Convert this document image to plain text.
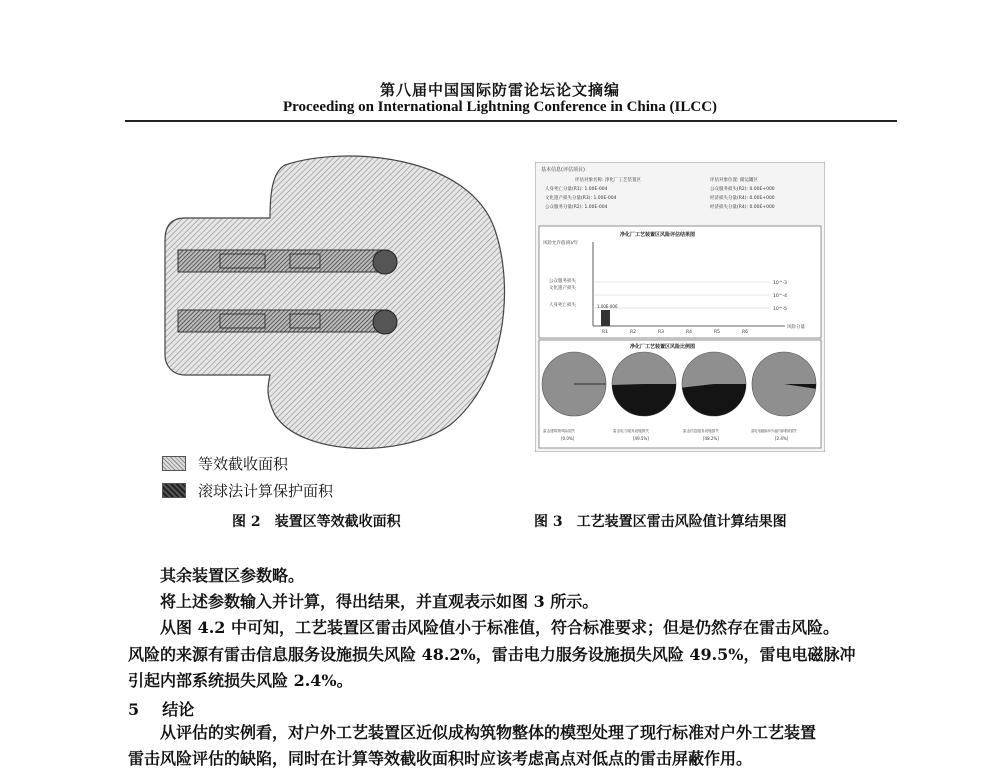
第八届中国国际防雷论坛论文摘编
Proceeding on International Lightning Conference in China (ILCC)
等效截收面积
滚球法计算保护面积
图 2　装置区等效截收面积
基本信息(评估项目)
评估对象名称: 净化厂工艺装置区
人身死亡分量(R1): 1.00E-004
文化遗产损失分量(R3): 1.00E-004
公众服务分量(R2): 1.00E-004
评估对象位置: 储运罐区
公众服务损失(R2): 0.00E+000
经济损失分量(R4): 0.00E+000
经济损失分量(R4): 0.00E+000
净化厂工艺装置区风险评估结果图
风险允许值(R)/年
10^-3
10^-4
10^-5
公众服务损失
文化遗产损失
人身死亡损失	1.00E-006
R1	R2	R3	R4	R5	R6
风险分量
净化厂工艺装置区风险比例图
雷击建筑物风险损失
[0.0%]
雷击电力服务设施损失
[49.5%]
雷击信息服务设施损失
[48.2%]
雷电电磁脉冲引起内部系统损失
[2.4%]
图 3　工艺装置区雷击风险值计算结果图
其余装置区参数略。
将上述参数输入并计算，得出结果，并直观表示如图 3 所示。
从图 4.2 中可知，工艺装置区雷击风险值小于标准值，符合标准要求；但是仍然存在雷击风险。
风险的来源有雷击信息服务设施损失风险 48.2%，雷击电力服务设施损失风险 49.5%，雷电电磁脉冲
引起内部系统损失风险 2.4%。
5 结论
从评估的实例看，对户外工艺装置区近似成构筑物整体的模型处理了现行标准对户外工艺装置
雷击风险评估的缺陷，同时在计算等效截收面积时应该考虑高点对低点的雷击屏蔽作用。
